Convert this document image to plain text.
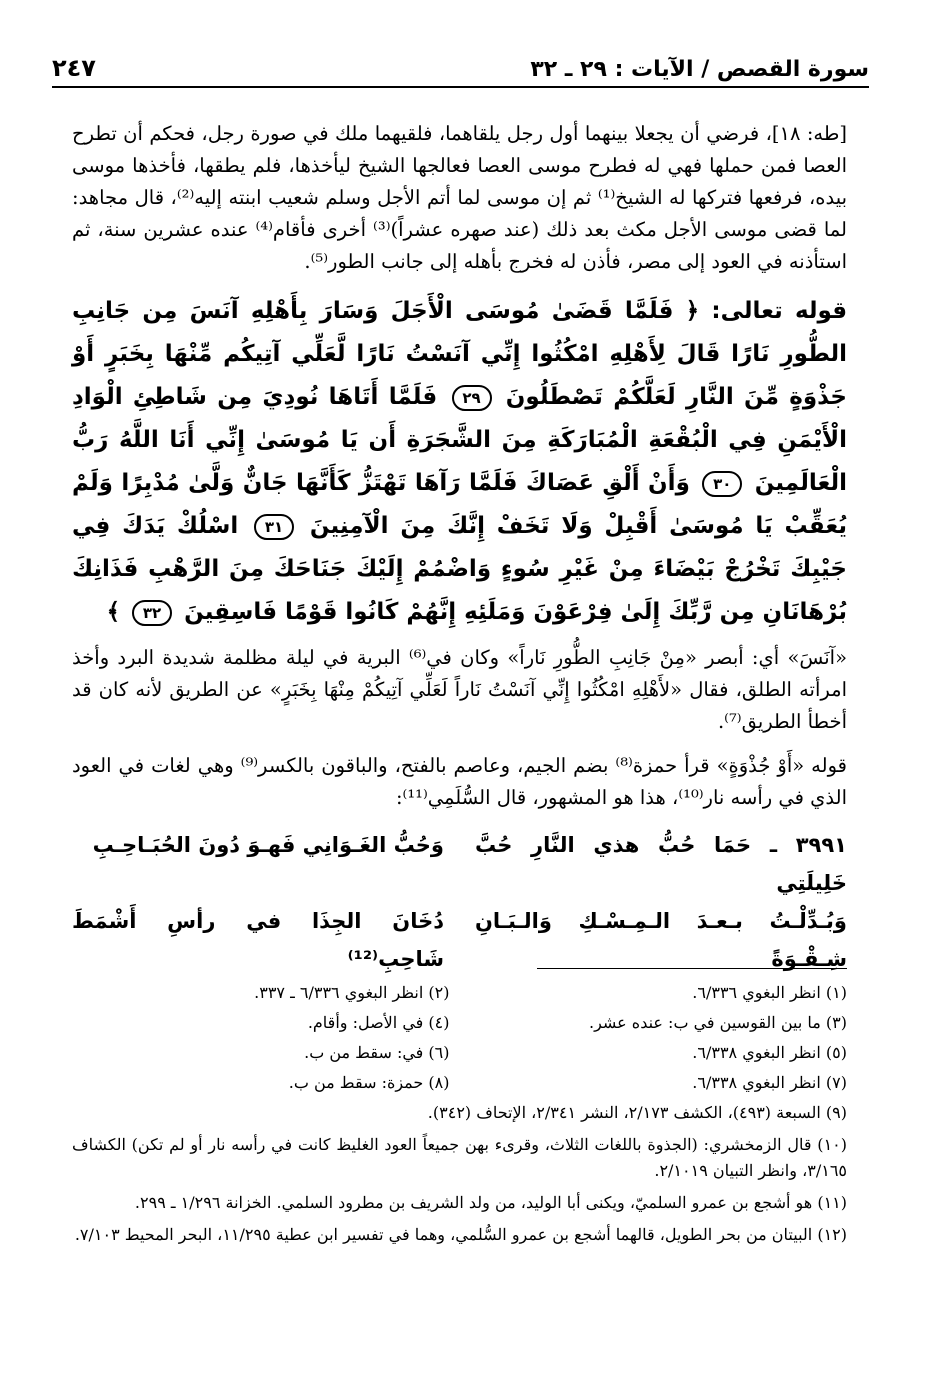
٢٤٧	سورة القصص / الآيات : ٢٩ ـ ٣٢

[طه: ١٨]، فرضي أن يجعلا بينهما أول رجل يلقاهما، فلقيهما ملك في صورة رجل، فحكم أن تطرح العصا فمن حملها فهي له فطرح موسى العصا فعالجها الشيخ ليأخذها، فلم يطقها، فأخذها موسى بيده، فرفعها فتركها له الشيخ⁽¹⁾ ثم إن موسى لما أتم الأجل وسلم شعيب ابنته إليه⁽²⁾، قال مجاهد: لما قضى موسى الأجل مكث بعد ذلك (عند صهره عشراً)⁽³⁾ أخرى فأقام⁽⁴⁾ عنده عشرين سنة، ثم استأذنه في العود إلى مصر، فأذن له فخرج بأهله إلى جانب الطور⁽⁵⁾.

قوله تعالى: ﴿ فَلَمَّا قَضَىٰ مُوسَى الْأَجَلَ وَسَارَ بِأَهْلِهِ آنَسَ مِن جَانِبِ الطُّورِ نَارًا قَالَ لِأَهْلِهِ امْكُثُوا إِنِّي آنَسْتُ نَارًا لَّعَلِّي آتِيكُم مِّنْهَا بِخَبَرٍ أَوْ جَذْوَةٍ مِّنَ النَّارِ لَعَلَّكُمْ تَصْطَلُونَ ٢٩ فَلَمَّا أَتَاهَا نُودِيَ مِن شَاطِئِ الْوَادِ الْأَيْمَنِ فِي الْبُقْعَةِ الْمُبَارَكَةِ مِنَ الشَّجَرَةِ أَن يَا مُوسَىٰ إِنِّي أَنَا اللَّهُ رَبُّ الْعَالَمِينَ ٣٠ وَأَنْ أَلْقِ عَصَاكَ فَلَمَّا رَآهَا تَهْتَزُّ كَأَنَّهَا جَانٌّ وَلَّىٰ مُدْبِرًا وَلَمْ يُعَقِّبْ يَا مُوسَىٰ أَقْبِلْ وَلَا تَخَفْ إِنَّكَ مِنَ الْآمِنِينَ ٣١ اسْلُكْ يَدَكَ فِي جَيْبِكَ تَخْرُجْ بَيْضَاءَ مِنْ غَيْرِ سُوءٍ وَاضْمُمْ إِلَيْكَ جَنَاحَكَ مِنَ الرَّهْبِ فَذَانِكَ بُرْهَانَانِ مِن رَّبِّكَ إِلَىٰ فِرْعَوْنَ وَمَلَئِهِ إِنَّهُمْ كَانُوا قَوْمًا فَاسِقِينَ ٣٢ ﴾

«آنَسَ» أي: أبصر «مِنْ جَانِبِ الطُّورِ نَاراً» وكان في⁽⁶⁾ البرية في ليلة مظلمة شديدة البرد وأخذ امرأته الطلق، فقال «لأَهْلِهِ امْكُثُوا إِنِّي آنَسْتُ نَاراً لَعَلِّي آتِيكُمْ مِنْهَا بِخَبَرٍ» عن الطريق لأنه كان قد أخطأ الطريق⁽⁷⁾.

قوله «أَوْ جُذْوَةٍ» قرأ حمزة⁽⁸⁾ بضم الجيم، وعاصم بالفتح، والباقون بالكسر⁽⁹⁾ وهي لغات في العود الذي في رأسه نار⁽¹⁰⁾، هذا هو المشهور، قال السُّلَمِي⁽¹¹⁾:

٣٩٩١ ـ حَمَا حُبُّ هذي النَّارِ حُبَّ خَلِيلَتِي
وَحُبُّ الغَـوَانِي فَهـوَ دُونَ الحُبَـاحِـبِ
وَبُـدِّلْـتُ بـعـدَ الـمِـسْـكِ وَالـبَـانِ شِـقْـوَةً
دُخَانَ الجِذَا في رأسِ أَشْمَطَ شَاحِبِ⁽¹²⁾
(١) انظر البغوي ٦/٣٣٦.
(٢) انظر البغوي ٦/٣٣٦ ـ ٣٣٧.
(٣) ما بين القوسين في ب: عنده عشر.
(٤) في الأصل: وأقام.
(٥) انظر البغوي ٦/٣٣٨.
(٦) في: سقط من ب.
(٧) انظر البغوي ٦/٣٣٨.
(٨) حمزة: سقط من ب.
(٩) السبعة (٤٩٣)، الكشف ٢/١٧٣، النشر ٢/٣٤١، الإتحاف (٣٤٢).
(١٠) قال الزمخشري: (الجذوة باللغات الثلاث، وقرىء بهن جميعاً العود الغليظ كانت في رأسه نار أو لم تكن) الكشاف ٣/١٦٥، وانظر التبيان ٢/١٠١٩.
(١١) هو أشجع بن عمرو السلميّ، ويكنى أبا الوليد، من ولد الشريف بن مطرود السلمي. الخزانة ١/٢٩٦ ـ ٢٩٩.
(١٢) البيتان من بحر الطويل، قالهما أشجع بن عمرو السُّلمي، وهما في تفسير ابن عطية ١١/٢٩٥، البحر المحيط ٧/١٠٣.
